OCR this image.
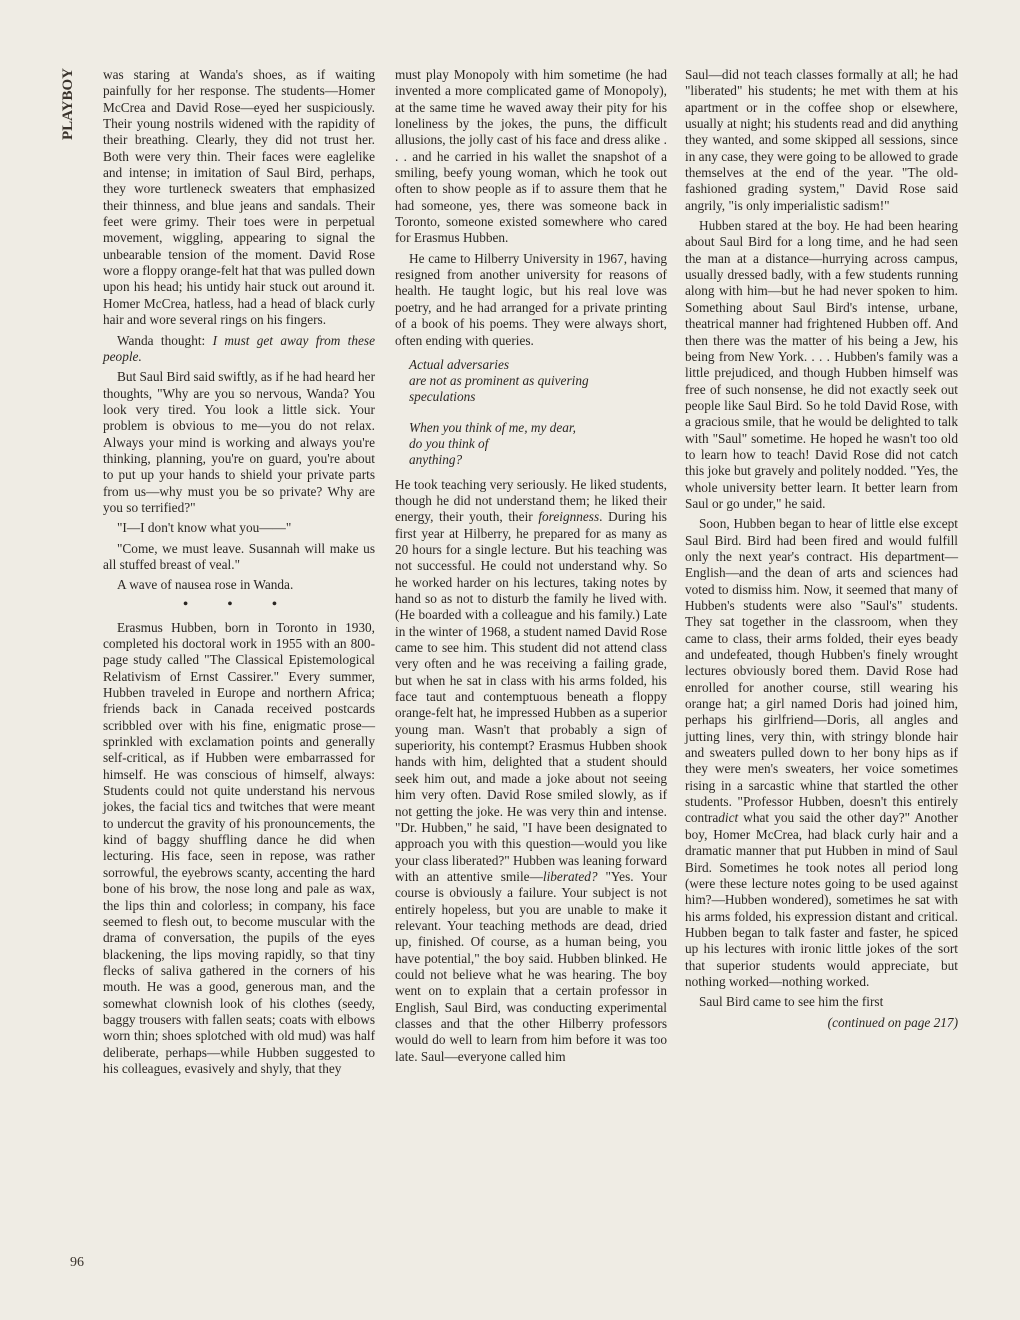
PLAYBOY	was staring at Wanda's shoes, as if waiting painfully for her response. The students—Homer McCrea and David Rose—eyed her suspiciously. Their young nostrils widened with the rapidity of their breathing. Clearly, they did not trust her. Both were very thin. Their faces were eaglelike and intense; in imitation of Saul Bird, perhaps, they wore turtleneck sweaters that emphasized their thinness, and blue jeans and sandals. Their feet were grimy. Their toes were in perpetual movement, wiggling, appearing to signal the unbearable tension of the moment. David Rose wore a floppy orange-felt hat that was pulled down upon his head; his untidy hair stuck out around it. Homer McCrea, hatless, had a head of black curly hair and wore several rings on his fingers.

Wanda thought: I must get away from these people.

But Saul Bird said swiftly, as if he had heard her thoughts, "Why are you so nervous, Wanda? You look very tired. You look a little sick. Your problem is obvious to me—you do not relax. Always your mind is working and always you're thinking, planning, you're on guard, you're about to put up your hands to shield your private parts from us—why must you be so private? Why are you so terrified?"

"I—I don't know what you——"

"Come, we must leave. Susannah will make us all stuffed breast of veal."

A wave of nausea rose in Wanda.

• • •

Erasmus Hubben, born in Toronto in 1930, completed his doctoral work in 1955 with an 800-page study called "The Classical Epistemological Relativism of Ernst Cassirer." Every summer, Hubben traveled in Europe and northern Africa; friends back in Canada received postcards scribbled over with his fine, enigmatic prose—sprinkled with exclamation points and generally self-critical, as if Hubben were embarrassed for himself. He was conscious of himself, always: Students could not quite understand his nervous jokes, the facial tics and twitches that were meant to undercut the gravity of his pronouncements, the kind of baggy shuffling dance he did when lecturing. His face, seen in repose, was rather sorrowful, the eyebrows scanty, accenting the hard bone of his brow, the nose long and pale as wax, the lips thin and colorless; in company, his face seemed to flesh out, to become muscular with the drama of conversation, the pupils of the eyes blackening, the lips moving rapidly, so that tiny flecks of saliva gathered in the corners of his mouth. He was a good, generous man, and the somewhat clownish look of his clothes (seedy, baggy trousers with fallen seats; coats with elbows worn thin; shoes splotched with old mud) was half deliberate, perhaps—while Hubben suggested to his colleagues, evasively and shyly, that they

must play Monopoly with him sometime (he had invented a more complicated game of Monopoly), at the same time he waved away their pity for his loneliness by the jokes, the puns, the difficult allusions, the jolly cast of his face and dress alike . . . and he carried in his wallet the snapshot of a smiling, beefy young woman, which he took out often to show people as if to assure them that he had someone, yes, there was someone back in Toronto, someone existed somewhere who cared for Erasmus Hubben.

He came to Hilberry University in 1967, having resigned from another university for reasons of health. He taught logic, but his real love was poetry, and he had arranged for a private printing of a book of his poems. They were always short, often ending with queries.

Actual adversaries
are not as prominent as quivering
speculations
When you think of me, my dear,
do you think of
anything?

He took teaching very seriously. He liked students, though he did not understand them; he liked their energy, their youth, their foreignness. During his first year at Hilberry, he prepared for as many as 20 hours for a single lecture. But his teaching was not successful. He could not understand why. So he worked harder on his lectures, taking notes by hand so as not to disturb the family he lived with. (He boarded with a colleague and his family.) Late in the winter of 1968, a student named David Rose came to see him. This student did not attend class very often and he was receiving a failing grade, but when he sat in class with his arms folded, his face taut and contemptuous beneath a floppy orange-felt hat, he impressed Hubben as a superior young man. Wasn't that probably a sign of superiority, his contempt? Erasmus Hubben shook hands with him, delighted that a student should seek him out, and made a joke about not seeing him very often. David Rose smiled slowly, as if not getting the joke. He was very thin and intense. "Dr. Hubben," he said, "I have been designated to approach you with this question—would you like your class liberated?" Hubben was leaning forward with an attentive smile—liberated? "Yes. Your course is obviously a failure. Your subject is not entirely hopeless, but you are unable to make it relevant. Your teaching methods are dead, dried up, finished. Of course, as a human being, you have potential," the boy said. Hubben blinked. He could not believe what he was hearing. The boy went on to explain that a certain professor in English, Saul Bird, was conducting experimental classes and that the other Hilberry professors would do well to learn from him before it was too late. Saul—everyone called him

Saul—did not teach classes formally at all; he had "liberated" his students; he met with them at his apartment or in the coffee shop or elsewhere, usually at night; his students read and did anything they wanted, and some skipped all sessions, since in any case, they were going to be allowed to grade themselves at the end of the year. "The old-fashioned grading system," David Rose said angrily, "is only imperialistic sadism!"

Hubben stared at the boy. He had been hearing about Saul Bird for a long time, and he had seen the man at a distance—hurrying across campus, usually dressed badly, with a few students running along with him—but he had never spoken to him. Something about Saul Bird's intense, urbane, theatrical manner had frightened Hubben off. And then there was the matter of his being a Jew, his being from New York. . . . Hubben's family was a little prejudiced, and though Hubben himself was free of such nonsense, he did not exactly seek out people like Saul Bird. So he told David Rose, with a gracious smile, that he would be delighted to talk with "Saul" sometime. He hoped he wasn't too old to learn how to teach! David Rose did not catch this joke but gravely and politely nodded. "Yes, the whole university better learn. It better learn from Saul or go under," he said.

Soon, Hubben began to hear of little else except Saul Bird. Bird had been fired and would fulfill only the next year's contract. His department—English—and the dean of arts and sciences had voted to dismiss him. Now, it seemed that many of Hubben's students were also "Saul's" students. They sat together in the classroom, when they came to class, their arms folded, their eyes beady and undefeated, though Hubben's finely wrought lectures obviously bored them. David Rose had enrolled for another course, still wearing his orange hat; a girl named Doris had joined him, perhaps his girlfriend—Doris, all angles and jutting lines, very thin, with stringy blonde hair and sweaters pulled down to her bony hips as if they were men's sweaters, her voice sometimes rising in a sarcastic whine that startled the other students. "Professor Hubben, doesn't this entirely contradict what you said the other day?" Another boy, Homer McCrea, had black curly hair and a dramatic manner that put Hubben in mind of Saul Bird. Sometimes he took notes all period long (were these lecture notes going to be used against him?—Hubben wondered), sometimes he sat with his arms folded, his expression distant and critical. Hubben began to talk faster and faster, he spiced up his lectures with ironic little jokes of the sort that superior students would appreciate, but nothing worked—nothing worked.

Saul Bird came to see him the first

(continued on page 217)

96
